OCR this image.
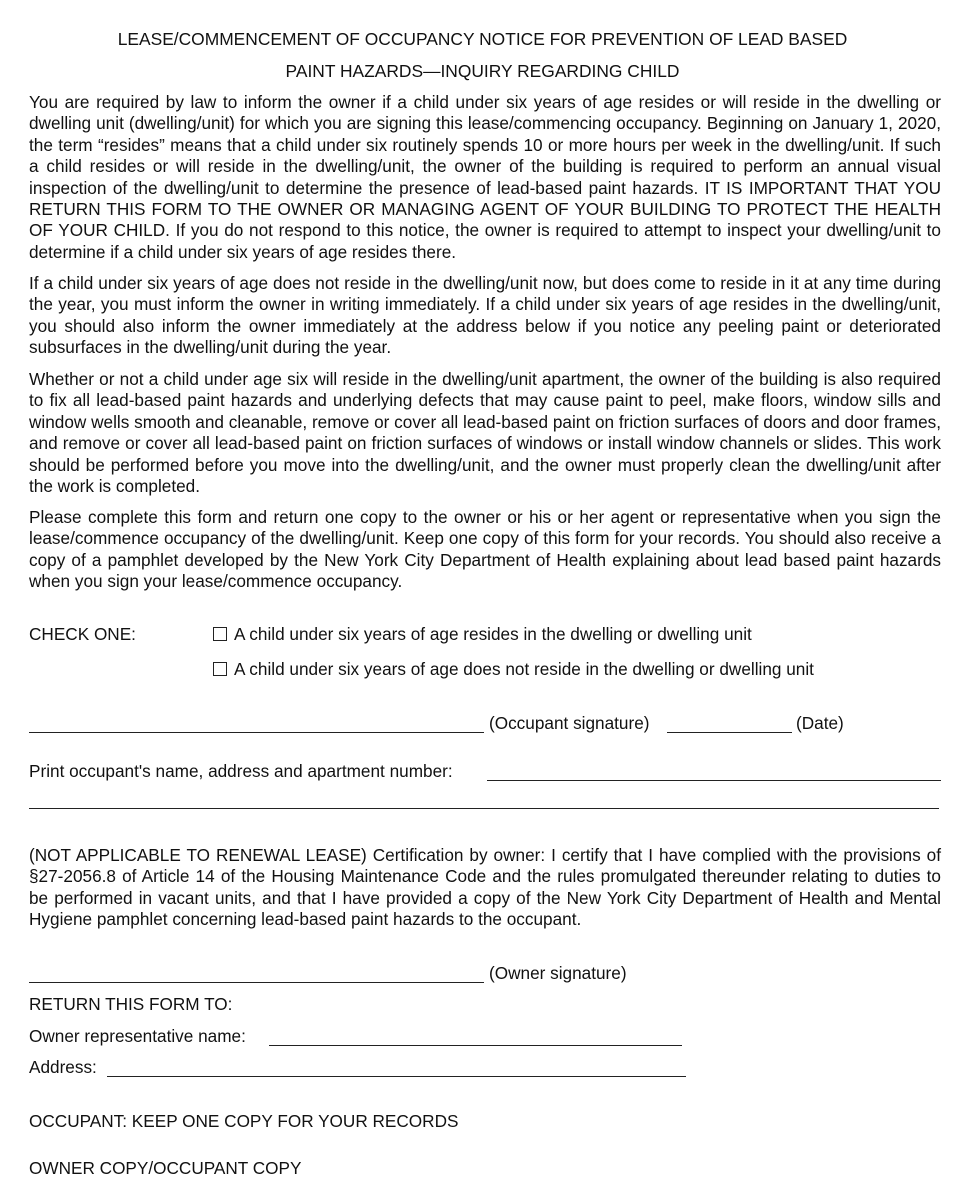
LEASE/COMMENCEMENT OF OCCUPANCY NOTICE FOR PREVENTION OF LEAD BASED
PAINT HAZARDS—INQUIRY REGARDING CHILD

You are required by law to inform the owner if a child under six years of age resides or will reside in the dwelling or dwelling unit (dwelling/unit) for which you are signing this lease/commencing occupancy. Beginning on January 1, 2020, the term “resides” means that a child under six routinely spends 10 or more hours per week in the dwelling/unit. If such a child resides or will reside in the dwelling/unit, the owner of the building is required to perform an annual visual inspection of the dwelling/unit to determine the presence of lead-based paint hazards. IT IS IMPORTANT THAT YOU RETURN THIS FORM TO THE OWNER OR MANAGING AGENT OF YOUR BUILDING TO PROTECT THE HEALTH OF YOUR CHILD. If you do not respond to this notice, the owner is required to attempt to inspect your dwelling/unit to determine if a child under six years of age resides there.

If a child under six years of age does not reside in the dwelling/unit now, but does come to reside in it at any time during the year, you must inform the owner in writing immediately. If a child under six years of age resides in the dwelling/unit, you should also inform the owner immediately at the address below if you notice any peeling paint or deteriorated subsurfaces in the dwelling/unit during the year.

Whether or not a child under age six will reside in the dwelling/unit apartment, the owner of the building is also required to fix all lead-based paint hazards and underlying defects that may cause paint to peel, make floors, window sills and window wells smooth and cleanable, remove or cover all lead-based paint on friction surfaces of doors and door frames, and remove or cover all lead-based paint on friction surfaces of windows or install window channels or slides. This work should be performed before you move into the dwelling/unit, and the owner must properly clean the dwelling/unit after the work is completed.

Please complete this form and return one copy to the owner or his or her agent or representative when you sign the lease/commence occupancy of the dwelling/unit. Keep one copy of this form for your records. You should also receive a copy of a pamphlet developed by the New York City Department of Health explaining about lead based paint hazards when you sign your lease/commence occupancy.

CHECK ONE:	A child under six years of age resides in the dwelling or dwelling unit
A child under six years of age does not reside in the dwelling or dwelling unit
(Occupant signature)	(Date)
Print occupant's name, address and apartment number:

(NOT APPLICABLE TO RENEWAL LEASE) Certification by owner: I certify that I have complied with the provisions of §27-2056.8 of Article 14 of the Housing Maintenance Code and the rules promulgated thereunder relating to duties to be performed in vacant units, and that I have provided a copy of the New York City Department of Health and Mental Hygiene pamphlet concerning lead-based paint hazards to the occupant.

(Owner signature)
RETURN THIS FORM TO:
Owner representative name:
Address:
OCCUPANT: KEEP ONE COPY FOR YOUR RECORDS
OWNER COPY/OCCUPANT COPY
